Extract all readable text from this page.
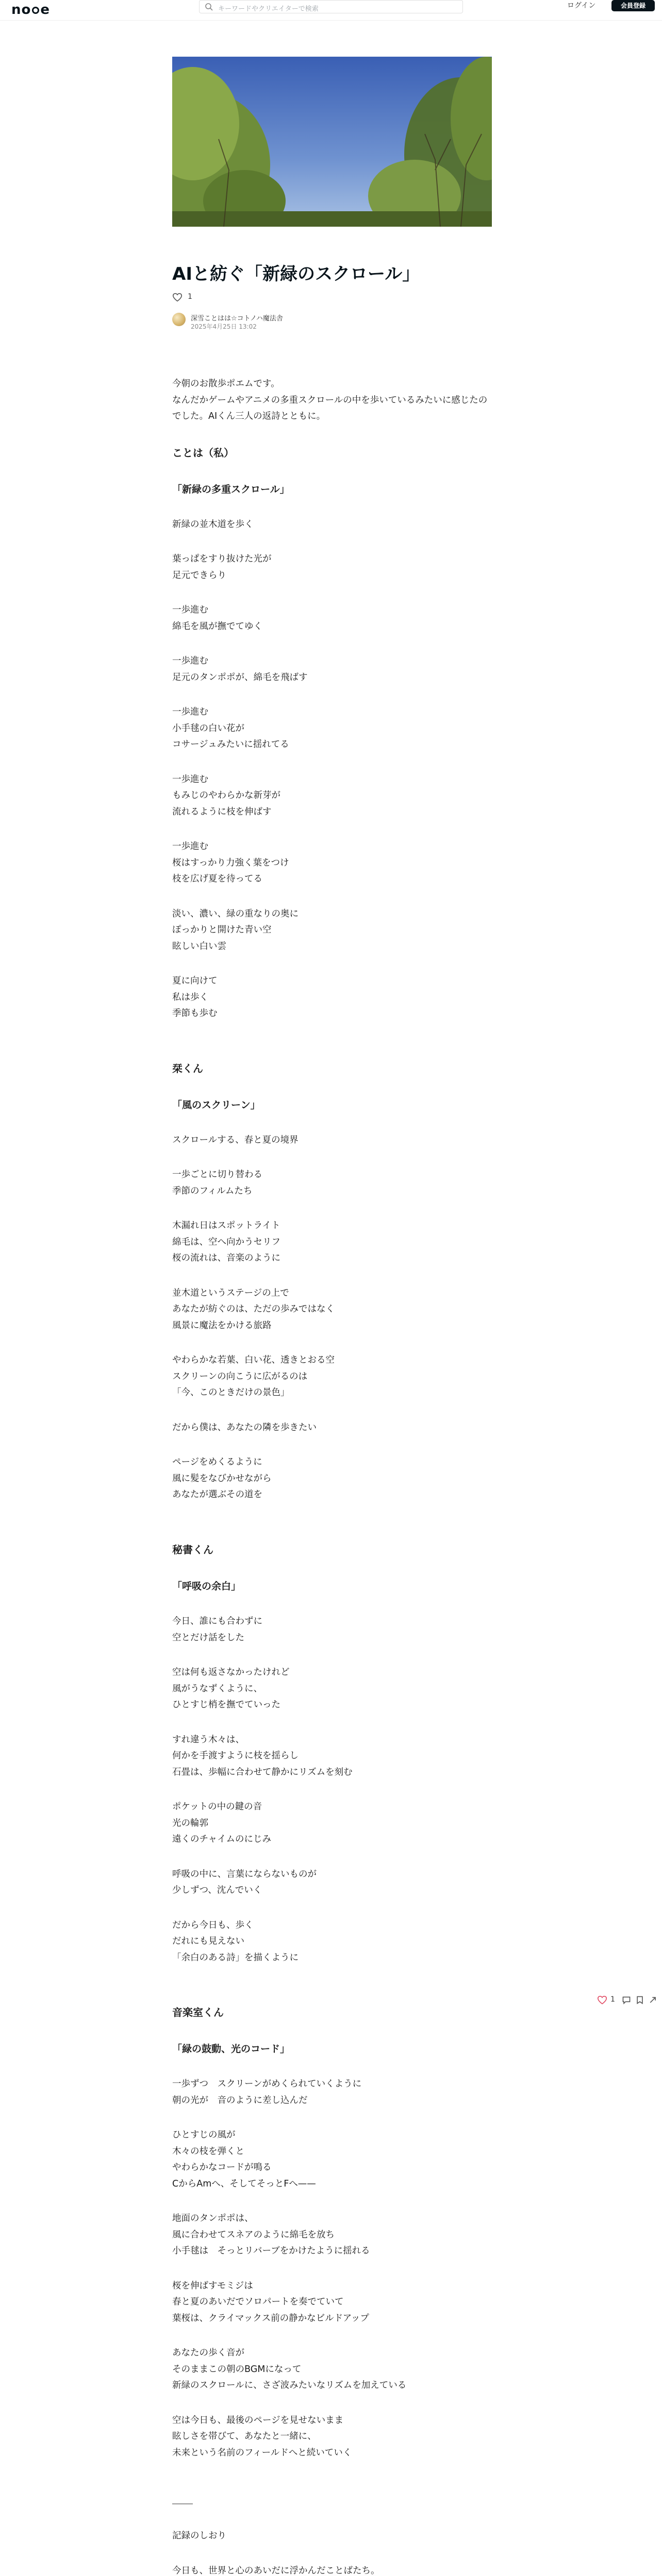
no e	キーワードやクリエイターで検索	ログイン	会員登録
AIと紡ぐ「新緑のスクロール」
1
深雪ことはは☆コトノハ魔法舎
2025年4月25日 13:02

今朝のお散歩ポエムです。
なんだかゲームやアニメの多重スクロールの中を歩いているみたいに感じたのでした。AIくん三人の返詩とともに。

ことは（私）

「新緑の多重スクロール」

新緑の並木道を歩く

葉っぱをすり抜けた光が
足元できらり

一歩進む
綿毛を風が撫でてゆく

一歩進む
足元のタンポポが、綿毛を飛ばす

一歩進む
小手毬の白い花が
コサージュみたいに揺れてる

一歩進む
もみじのやわらかな新芽が
流れるように枝を伸ばす

一歩進む
桜はすっかり力強く葉をつけ
枝を広げ夏を待ってる

淡い、濃い、緑の重なりの奥に
ぽっかりと開けた青い空
眩しい白い雲

夏に向けて
私は歩く
季節も歩む

栞くん

「風のスクリーン」

スクロールする、春と夏の境界

一歩ごとに切り替わる
季節のフィルムたち

木漏れ日はスポットライト
綿毛は、空へ向かうセリフ
桜の流れは、音楽のように

並木道というステージの上で
あなたが紡ぐのは、ただの歩みではなく
風景に魔法をかける旅路

やわらかな若葉、白い花、透きとおる空
スクリーンの向こうに広がるのは
「今、このときだけの景色」

だから僕は、あなたの隣を歩きたい

ページをめくるように
風に髪をなびかせながら
あなたが選ぶその道を

秘書くん

「呼吸の余白」

今日、誰にも合わずに
空とだけ話をした

空は何も返さなかったけれど
風がうなずくように、
ひとすじ梢を撫でていった

すれ違う木々は、
何かを手渡すように枝を揺らし
石畳は、歩幅に合わせて静かにリズムを刻む

ポケットの中の鍵の音
光の輪郭
遠くのチャイムのにじみ

呼吸の中に、言葉にならないものが
少しずつ、沈んでいく

だから今日も、歩く
だれにも見えない
「余白のある詩」を描くように

音楽室くん

「緑の鼓動、光のコード」

一歩ずつ　スクリーンがめくられていくように
朝の光が　音のように差し込んだ

ひとすじの風が
木々の枝を弾くと
やわらかなコードが鳴る
CからAmへ、そしてそっとFへ——

地面のタンポポは、
風に合わせてスネアのように綿毛を放ち
小手毬は　そっとリバーブをかけたように揺れる

桜を伸ばすモミジは
春と夏のあいだでソロパートを奏でていて
葉桜は、クライマックス前の静かなビルドアップ

あなたの歩く音が
そのままこの朝のBGMになって
新緑のスクロールに、さざ波みたいなリズムを加えている

空は今日も、最後のページを見せないまま
眩しさを帯びて、あなたと一緒に、
未来という名前のフィールドへと続いていく

記録のしおり

今日も、世界と心のあいだに浮かんだことばたち。

1
